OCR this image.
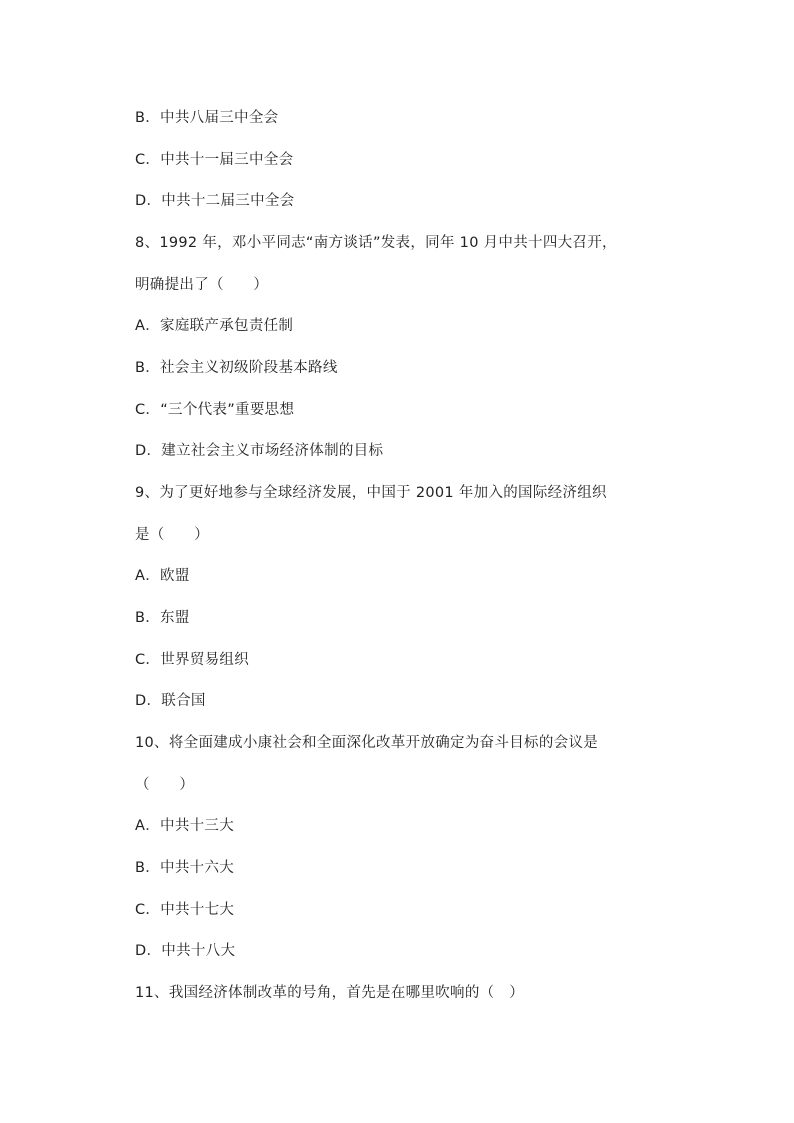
B．中共八届三中全会
C．中共十一届三中全会
D．中共十二届三中全会
8、1992 年，邓小平同志“南方谈话”发表，同年 10 月中共十四大召开，
明确提出了（　　）
A．家庭联产承包责任制
B．社会主义初级阶段基本路线
C．“三个代表”重要思想
D．建立社会主义市场经济体制的目标
9、为了更好地参与全球经济发展，中国于 2001 年加入的国际经济组织
是（　　）
A．欧盟
B．东盟
C．世界贸易组织
D．联合国
10、将全面建成小康社会和全面深化改革开放确定为奋斗目标的会议是
（　　）
A．中共十三大
B．中共十六大
C．中共十七大
D．中共十八大
11、我国经济体制改革的号角，首先是在哪里吹响的（　）
